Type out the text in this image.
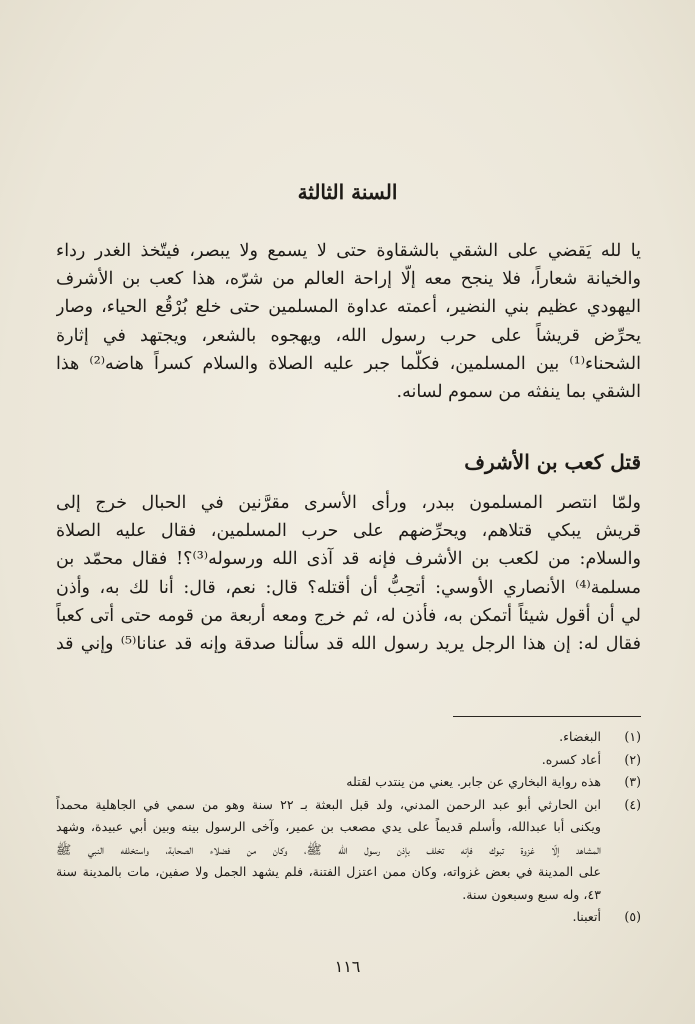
السنة الثالثة
يا لله يَقضي على الشقي بالشقاوة حتى لا يسمع ولا يبصر، فيتّخذ الغدر رداء
والخيانة شعاراً، فلا ينجح معه إلّا إراحة العالم من شرّه، هذا كعب بن الأشرف
اليهودي عظيم بني النضير، أعمته عداوة المسلمين حتى خلع بُرْقُع الحياء، وصار
يحرِّض قريشاً على حرب رسول الله، ويهجوه بالشعر، ويجتهد في إثارة
الشحناء⁽¹⁾ بين المسلمين، فكلّما جبر عليه الصلاة والسلام كسراً هاضه⁽²⁾ هذا
الشقي بما ينفثه من سموم لسانه.
قتل كعب بن الأشرف
ولمّا انتصر المسلمون ببدر، ورأى الأسرى مقرَّنين في الحبال خرج إلى
قريش يبكي قتلاهم، ويحرِّضهم على حرب المسلمين، فقال عليه الصلاة
والسلام: من لكعب بن الأشرف فإنه قد آذى الله ورسوله⁽³⁾؟! فقال محمّد بن
مسلمة⁽⁴⁾ الأنصاري الأوسي: أتحِبُّ أن أقتله؟ قال: نعم، قال: أنا لك به، وأذن
لي أن أقول شيئاً أتمكن به، فأذن له، ثم خرج ومعه أربعة من قومه حتى أتى كعباً
فقال له: إن هذا الرجل يريد رسول الله قد سألنا صدقة وإنه قد عنانا⁽⁵⁾ وإني قد
(١)
البغضاء.
(٢)
أعاد كسره.
(٣)
هذه رواية البخاري عن جابر. يعني من ينتدب لقتله
(٤)
ابن الحارثي أبو عبد الرحمن المدني، ولد قبل البعثة بـ ٢٢ سنة وهو من سمي في الجاهلية محمداً
ويكنى أبا عبدالله، وأسلم قديماً على يدي مصعب بن عمير، وآخى الرسول بينه وبين أبي عبيدة، وشهد
المشاهد إلّا غزوة تبوك فإنه تخلف بإذن رسول الله ﷺ، وكان من فضلاء الصحابة، واستخلفه النبي ﷺ
على المدينة في بعض غزواته، وكان ممن اعتزل الفتنة، فلم يشهد الجمل ولا صفين، مات بالمدينة سنة
٤٣، وله سبع وسبعون سنة.
(٥)
أتعبنا.
١١٦
